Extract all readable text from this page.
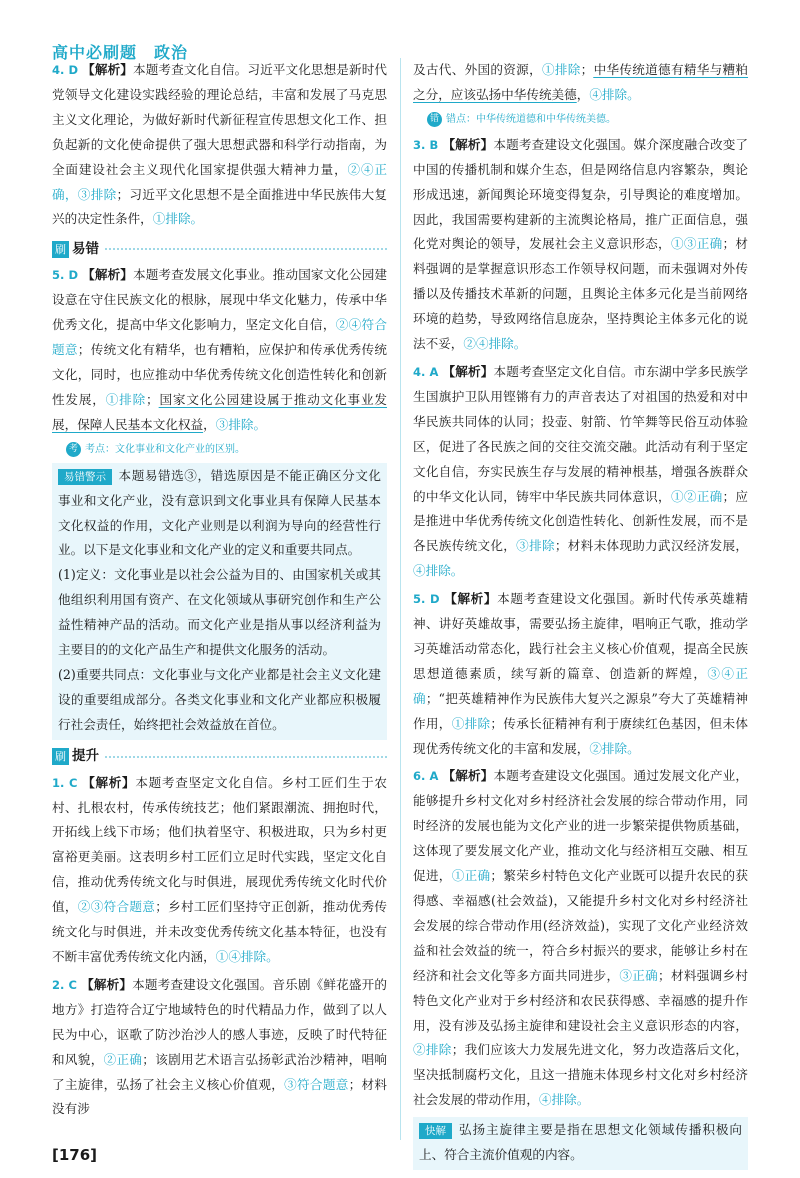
高中必刷题　政治

4. D 【解析】本题考查文化自信。习近平文化思想是新时代党领导文化建设实践经验的理论总结，丰富和发展了马克思主义文化理论，为做好新时代新征程宣传思想文化工作、担负起新的文化使命提供了强大思想武器和科学行动指南，为全面建设社会主义现代化国家提供强大精神力量，②④正确，③排除；习近平文化思想不是全面推进中华民族伟大复兴的决定性条件，①排除。

刷 易错

5. D 【解析】本题考查发展文化事业。推动国家文化公园建设意在守住民族文化的根脉，展现中华文化魅力，传承中华优秀文化，提高中华文化影响力，坚定文化自信，②④符合题意；传统文化有精华，也有糟粕，应保护和传承优秀传统文化，同时，也应推动中华优秀传统文化创造性转化和创新性发展，①排除；国家文化公园建设属于推动文化事业发展，保障人民基本文化权益，③排除。

考 考点：文化事业和文化产业的区别。

易错警示 本题易错选③，错选原因是不能正确区分文化事业和文化产业，没有意识到文化事业具有保障人民基本文化权益的作用，文化产业则是以利润为导向的经营性行业。以下是文化事业和文化产业的定义和重要共同点。

(1)定义：文化事业是以社会公益为目的、由国家机关或其他组织利用国有资产、在文化领域从事研究创作和生产公益性精神产品的活动。而文化产业是指从事以经济利益为主要目的的文化产品生产和提供文化服务的活动。

(2)重要共同点：文化事业与文化产业都是社会主义文化建设的重要组成部分。各类文化事业和文化产业都应积极履行社会责任，始终把社会效益放在首位。

刷 提升

1. C 【解析】本题考查坚定文化自信。乡村工匠们生于农村、扎根农村，传承传统技艺；他们紧跟潮流、拥抱时代，开拓线上线下市场；他们执着坚守、积极进取，只为乡村更富裕更美丽。这表明乡村工匠们立足时代实践，坚定文化自信，推动优秀传统文化与时俱进，展现优秀传统文化时代价值，②③符合题意；乡村工匠们坚持守正创新，推动优秀传统文化与时俱进，并未改变优秀传统文化基本特征，也没有不断丰富优秀传统文化内涵，①④排除。

2. C 【解析】本题考查建设文化强国。音乐剧《鲜花盛开的地方》打造符合辽宁地域特色的时代精品力作，做到了以人民为中心，讴歌了防沙治沙人的感人事迹，反映了时代特征和风貌，②正确；该剧用艺术语言弘扬彰武治沙精神，唱响了主旋律，弘扬了社会主义核心价值观，③符合题意；材料没有涉

及古代、外国的资源，①排除；中华传统道德有精华与糟粕之分，应该弘扬中华传统美德，④排除。

错 错点：中华传统道德和中华传统美德。

3. B 【解析】本题考查建设文化强国。媒介深度融合改变了中国的传播机制和媒介生态，但是网络信息内容繁杂，舆论形成迅速，新闻舆论环境变得复杂，引导舆论的难度增加。因此，我国需要构建新的主流舆论格局，推广正面信息，强化党对舆论的领导，发展社会主义意识形态，①③正确；材料强调的是掌握意识形态工作领导权问题，而未强调对外传播以及传播技术革新的问题，且舆论主体多元化是当前网络环境的趋势，导致网络信息庞杂，坚持舆论主体多元化的说法不妥，②④排除。

4. A 【解析】本题考查坚定文化自信。市东湖中学多民族学生国旗护卫队用铿锵有力的声音表达了对祖国的热爱和对中华民族共同体的认同；投壶、射箭、竹竿舞等民俗互动体验区，促进了各民族之间的交往交流交融。此活动有利于坚定文化自信，夯实民族生存与发展的精神根基，增强各族群众的中华文化认同，铸牢中华民族共同体意识，①②正确；应是推进中华优秀传统文化创造性转化、创新性发展，而不是各民族传统文化，③排除；材料未体现助力武汉经济发展，④排除。

5. D 【解析】本题考查建设文化强国。新时代传承英雄精神、讲好英雄故事，需要弘扬主旋律，唱响正气歌，推动学习英雄活动常态化，践行社会主义核心价值观，提高全民族思想道德素质，续写新的篇章、创造新的辉煌，③④正确；“把英雄精神作为民族伟大复兴之源泉”夸大了英雄精神作用，①排除；传承长征精神有利于赓续红色基因，但未体现优秀传统文化的丰富和发展，②排除。

6. A 【解析】本题考查建设文化强国。通过发展文化产业，能够提升乡村文化对乡村经济社会发展的综合带动作用，同时经济的发展也能为文化产业的进一步繁荣提供物质基础，这体现了要发展文化产业，推动文化与经济相互交融、相互促进，①正确；繁荣乡村特色文化产业既可以提升农民的获得感、幸福感(社会效益)，又能提升乡村文化对乡村经济社会发展的综合带动作用(经济效益)，实现了文化产业经济效益和社会效益的统一，符合乡村振兴的要求，能够让乡村在经济和社会文化等多方面共同进步，③正确；材料强调乡村特色文化产业对于乡村经济和农民获得感、幸福感的提升作用，没有涉及弘扬主旋律和建设社会主义意识形态的内容，②排除；我们应该大力发展先进文化，努力改造落后文化，坚决抵制腐朽文化，且这一措施未体现乡村文化对乡村经济社会发展的带动作用，④排除。

快解 弘扬主旋律主要是指在思想文化领域传播积极向上、符合主流价值观的内容。

[176]
